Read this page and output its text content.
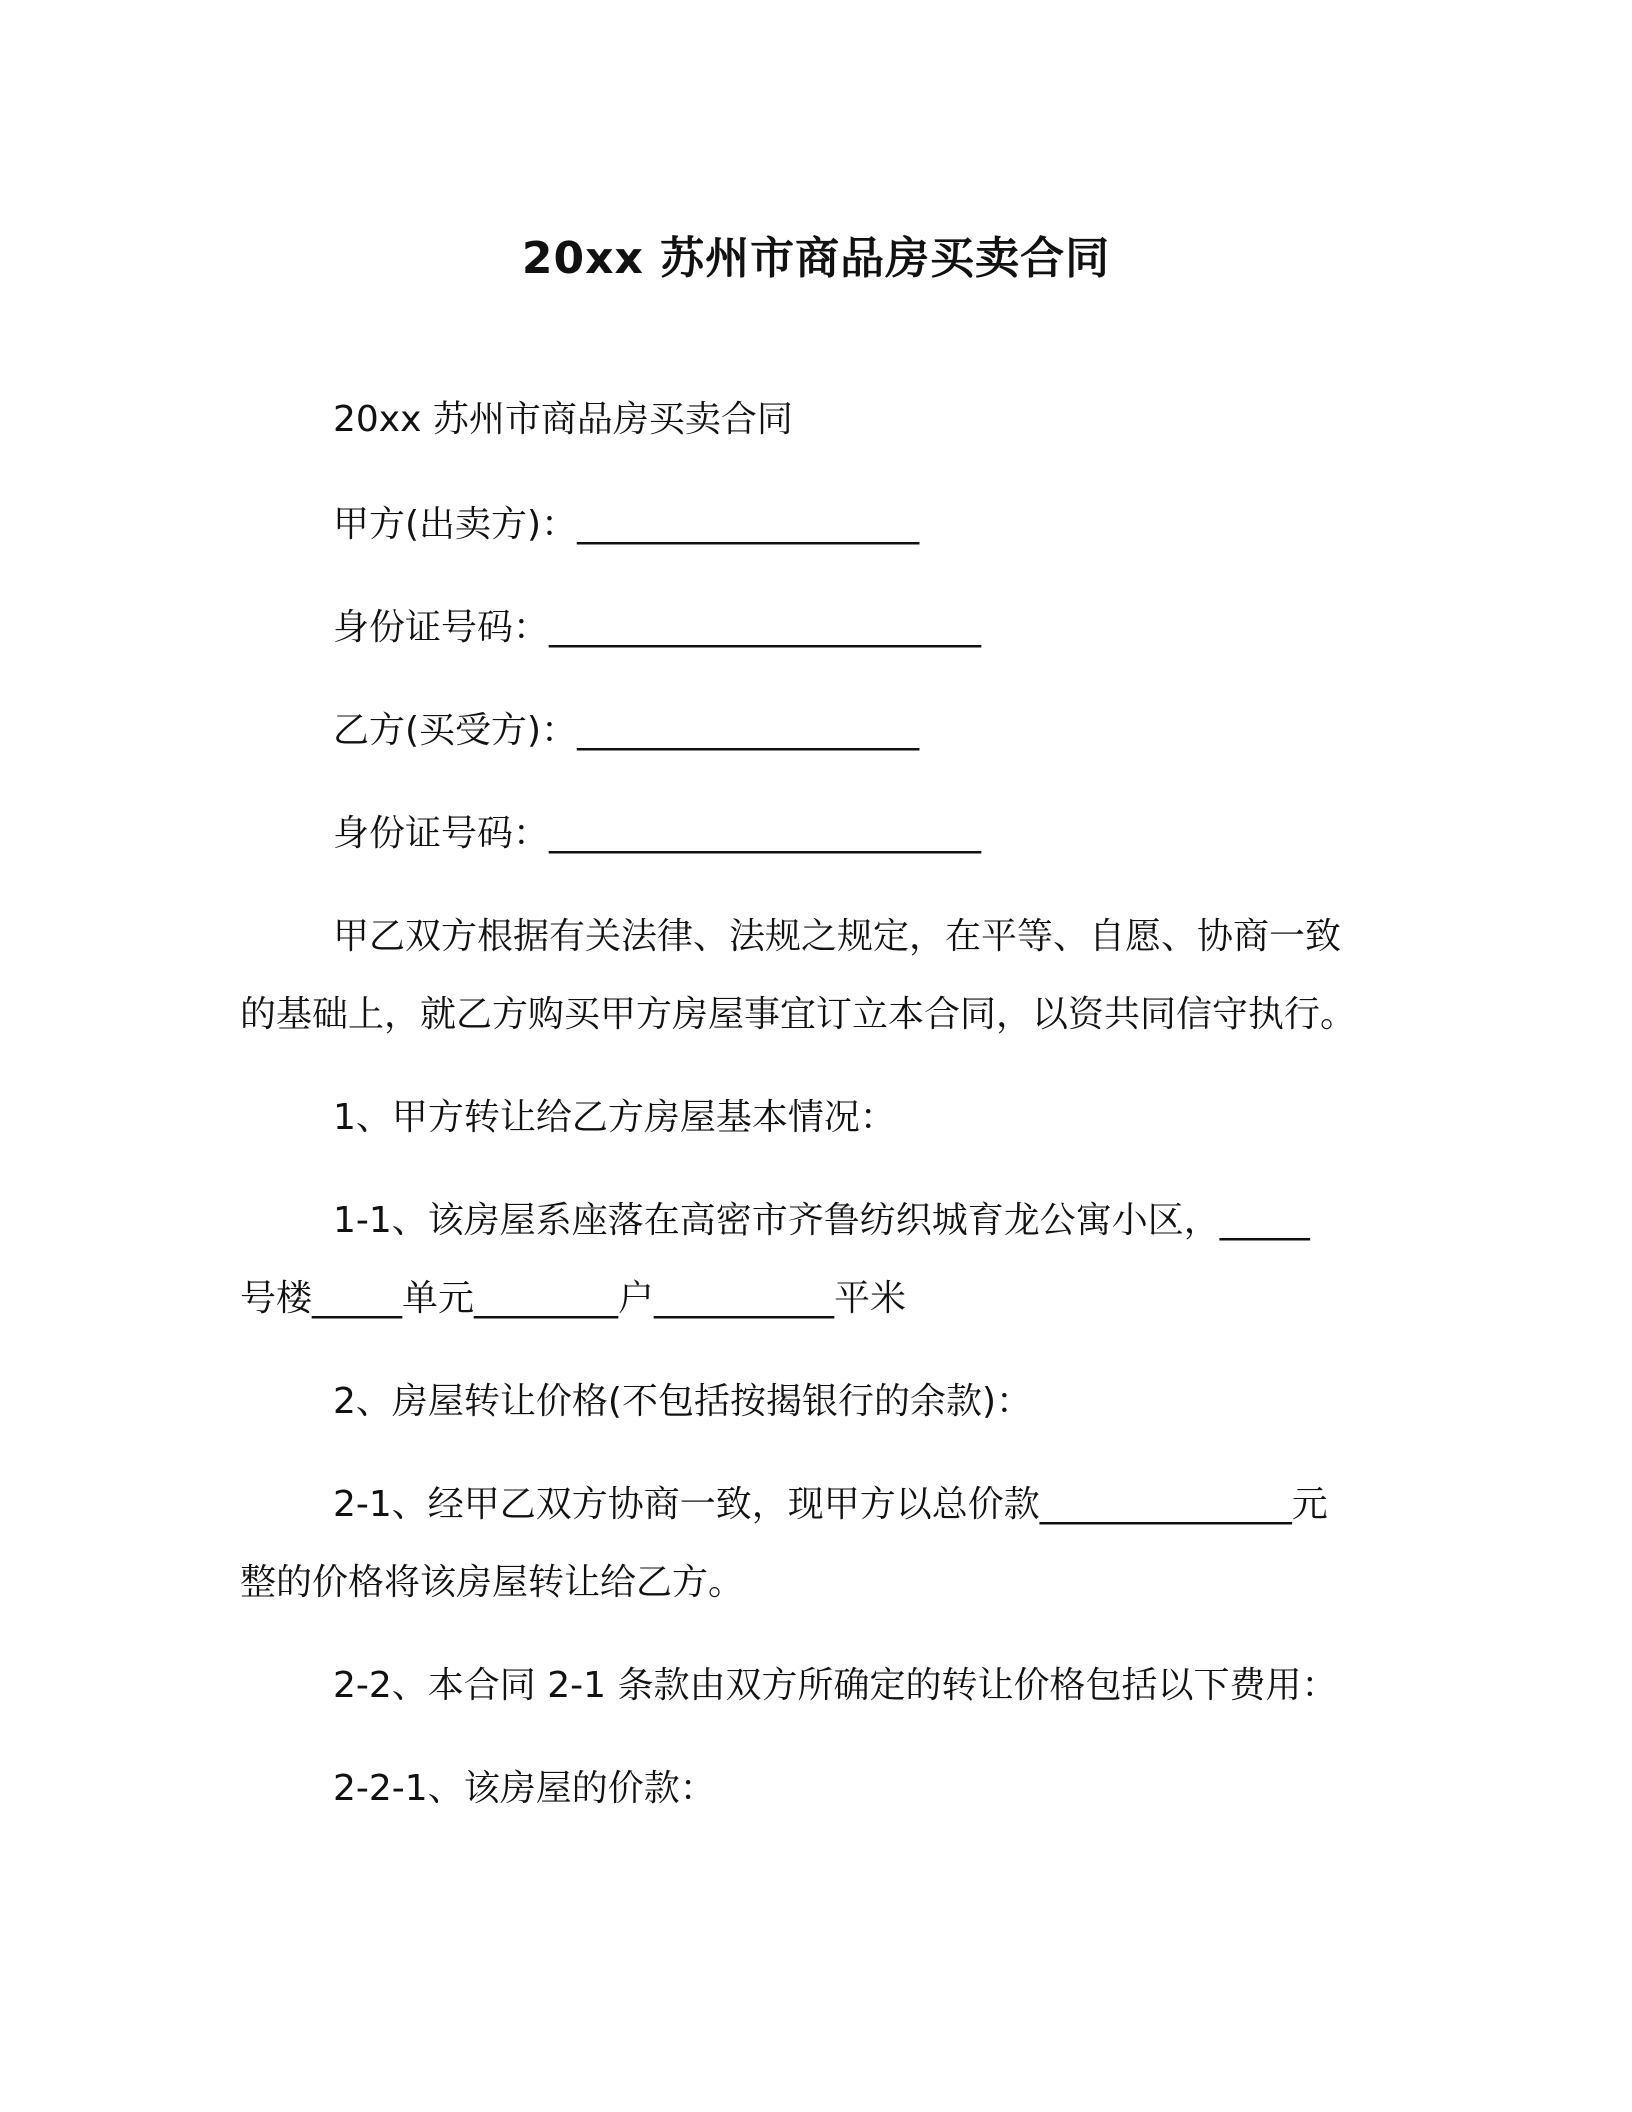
20xx 苏州市商品房买卖合同
20xx 苏州市商品房买卖合同
甲方(出卖方)：___________________
身份证号码：________________________
乙方(买受方)：___________________
身份证号码：________________________
甲乙双方根据有关法律、法规之规定，在平等、自愿、协商一致
的基础上，就乙方购买甲方房屋事宜订立本合同，以资共同信守执行。
1、甲方转让给乙方房屋基本情况：
1-1、该房屋系座落在高密市齐鲁纺织城育龙公寓小区，_____
号楼_____单元________户__________平米
2、房屋转让价格(不包括按揭银行的余款)：
2-1、经甲乙双方协商一致，现甲方以总价款______________元
整的价格将该房屋转让给乙方。
2-2、本合同 2-1 条款由双方所确定的转让价格包括以下费用：
2-2-1、该房屋的价款：
